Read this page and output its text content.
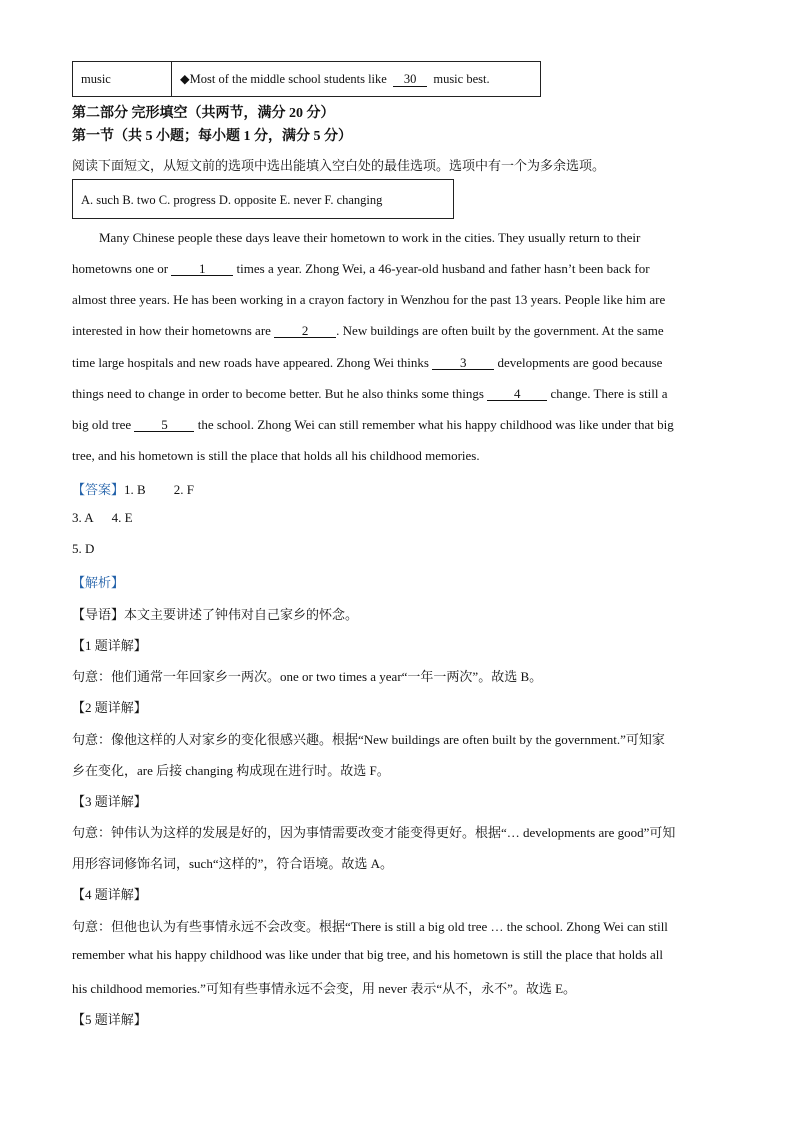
music	◆Most of the middle school students like 30 music best.
第二部分 完形填空（共两节，满分 20 分）
第一节（共 5 小题；每小题 1 分，满分 5 分）
阅读下面短文，从短文前的选项中选出能填入空白处的最佳选项。选项中有一个为多余选项。
A. such B. two C. progress D. opposite E. never F. changing
Many Chinese people these days leave their hometown to work in the cities. They usually return to their
hometowns one or 1 times a year. Zhong Wei, a 46-year-old husband and father hasn’t been back for
almost three years. He has been working in a crayon factory in Wenzhou for the past 13 years. People like him are
interested in how their hometowns are 2 . New buildings are often built by the government. At the same
time large hospitals and new roads have appeared. Zhong Wei thinks 3 developments are good because
things need to change in order to become better. But he also thinks some things 4 change. There is still a
big old tree 5 the school. Zhong Wei can still remember what his happy childhood was like under that big
tree, and his hometown is still the place that holds all his childhood memories.
【答案】1. B 2. F
3. A 4. E
5. D
【解析】
【导语】本文主要讲述了钟伟对自己家乡的怀念。
【1 题详解】
句意：他们通常一年回家乡一两次。one or two times a year“一年一两次”。故选 B。
【2 题详解】
句意：像他这样的人对家乡的变化很感兴趣。根据“New buildings are often built by the government.”可知家
乡在变化，are 后接 changing 构成现在进行时。故选 F。
【3 题详解】
句意：钟伟认为这样的发展是好的，因为事情需要改变才能变得更好。根据“… developments are good”可知
用形容词修饰名词，such“这样的”，符合语境。故选 A。
【4 题详解】
句意：但他也认为有些事情永远不会改变。根据“There is still a big old tree … the school. Zhong Wei can still
remember what his happy childhood was like under that big tree, and his hometown is still the place that holds all
his childhood memories.”可知有些事情永远不会变，用 never 表示“从不，永不”。故选 E。
【5 题详解】
